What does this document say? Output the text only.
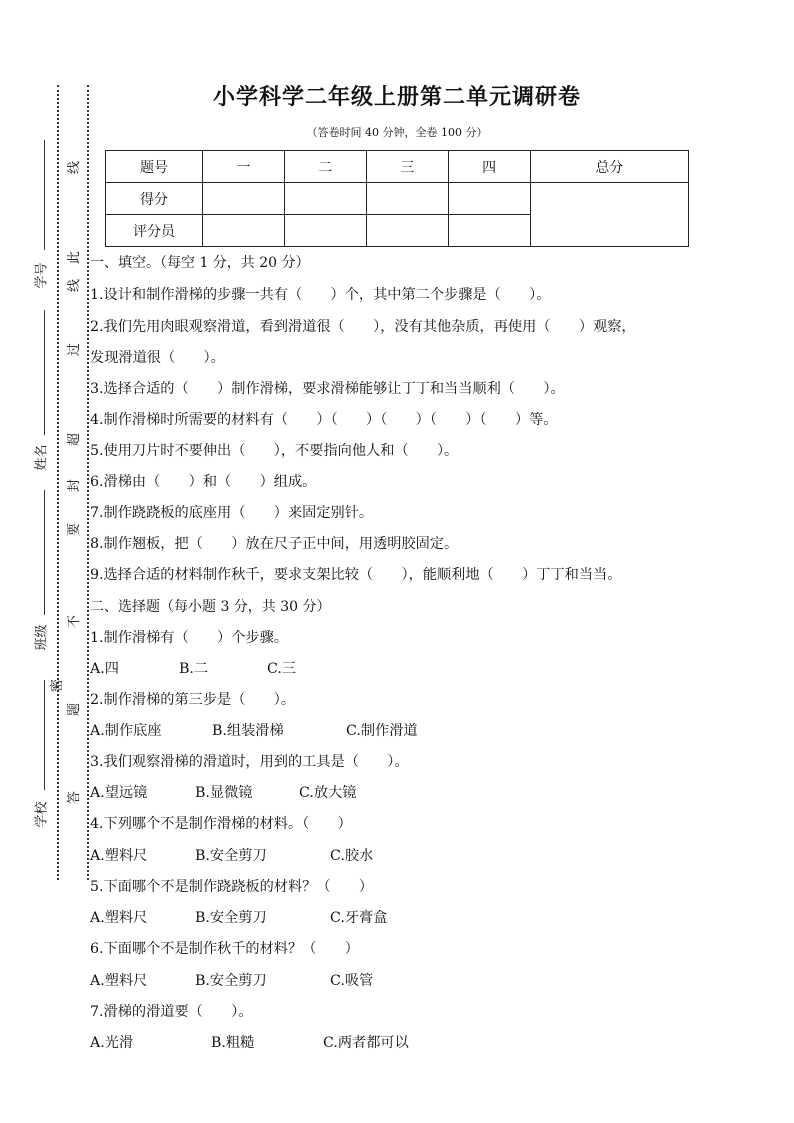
学号
姓名
班级
学校
线
线
此
过
超
封
要
不
题
密
答
小学科学二年级上册第二单元调研卷
（答卷时间 40 分钟，全卷 100 分）
题号	一	二	三	四	总分
得分					
评分员					
一、填空。（每空 1 分，共 20 分）
1.设计和制作滑梯的步骤一共有（　　）个，其中第二个步骤是（　　）。
2.我们先用肉眼观察滑道，看到滑道很（　　），没有其他杂质，再使用（　　）观察，
发现滑道很（　　）。
3.选择合适的（　　）制作滑梯，要求滑梯能够让丁丁和当当顺利（　　）。
4.制作滑梯时所需要的材料有（　　）（　　）（　　）（　　）（　　）等。
5.使用刀片时不要伸出（　　），不要指向他人和（　　）。
6.滑梯由（　　）和（　　）组成。
7.制作跷跷板的底座用（　　）来固定别针。
8.制作翘板，把（　　）放在尺子正中间，用透明胶固定。
9.选择合适的材料制作秋千，要求支架比较（　　），能顺利地（　　）丁丁和当当。
二、选择题（每小题 3 分，共 30 分）
1.制作滑梯有（　　）个步骤。
A.四	B.二	C.三
2.制作滑梯的第三步是（　　）。
A.制作底座	B.组装滑梯	C.制作滑道
3.我们观察滑梯的滑道时，用到的工具是（　　）。
A.望远镜	B.显微镜	C.放大镜
4.下列哪个不是制作滑梯的材料。（　　）
A.塑料尺	B.安全剪刀	C.胶水
5.下面哪个不是制作跷跷板的材料？（　　）
A.塑料尺	B.安全剪刀	C.牙膏盒
6.下面哪个不是制作秋千的材料？（　　）
A.塑料尺	B.安全剪刀	C.吸管
7.滑梯的滑道要（　　）。
A.光滑	B.粗糙	C.两者都可以
